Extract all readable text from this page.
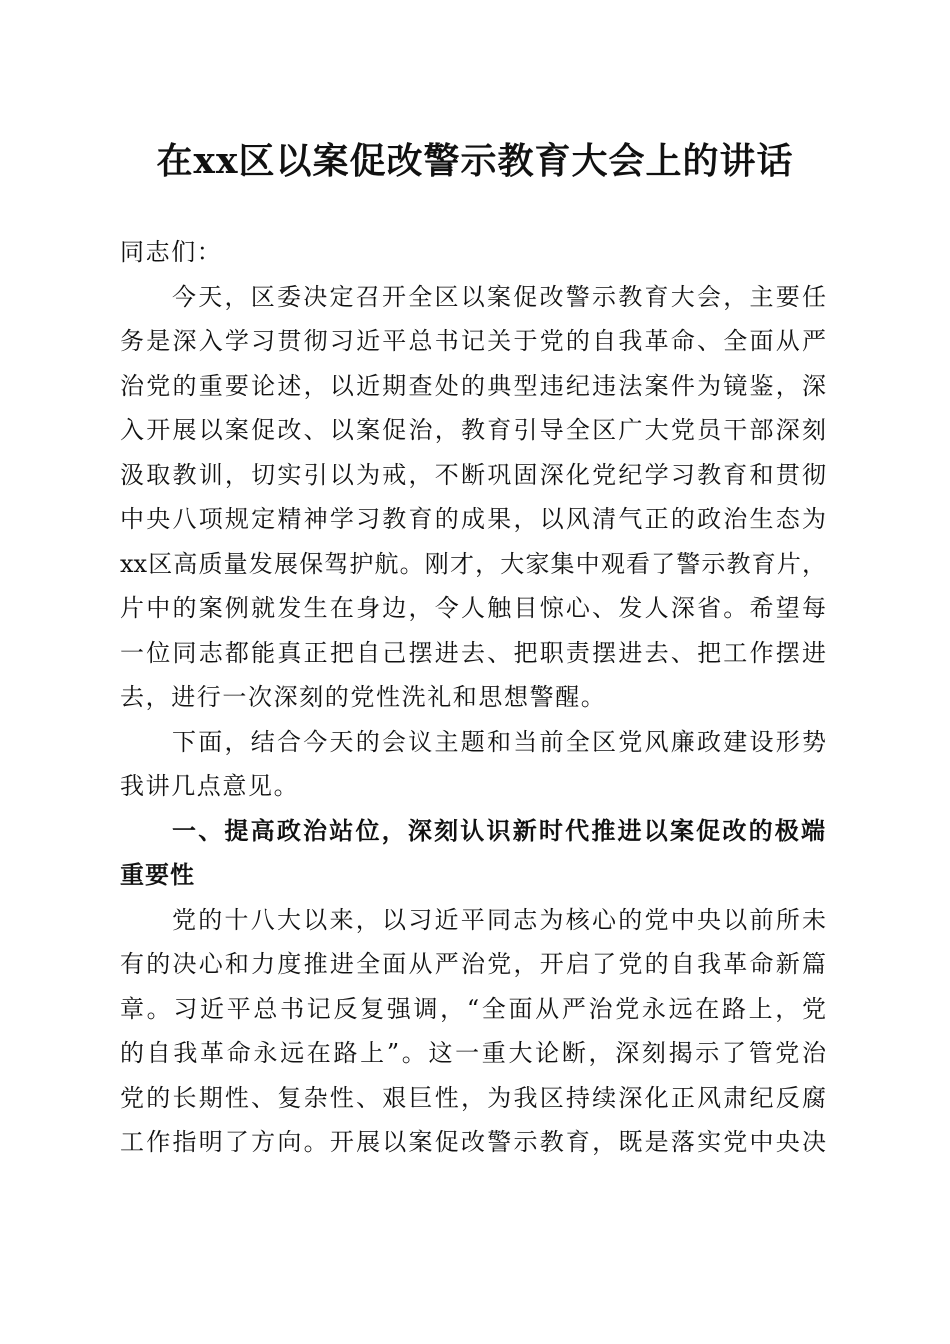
在xx区以案促改警示教育大会上的讲话
同志们：
今天，区委决定召开全区以案促改警示教育大会，主要任
务是深入学习贯彻习近平总书记关于党的自我革命、全面从严
治党的重要论述，以近期查处的典型违纪违法案件为镜鉴，深
入开展以案促改、以案促治，教育引导全区广大党员干部深刻
汲取教训，切实引以为戒，不断巩固深化党纪学习教育和贯彻
中央八项规定精神学习教育的成果，以风清气正的政治生态为
xx区高质量发展保驾护航。刚才，大家集中观看了警示教育片，
片中的案例就发生在身边，令人触目惊心、发人深省。希望每
一位同志都能真正把自己摆进去、把职责摆进去、把工作摆进
去，进行一次深刻的党性洗礼和思想警醒。
下面，结合今天的会议主题和当前全区党风廉政建设形势
我讲几点意见。
一、提高政治站位，深刻认识新时代推进以案促改的极端
重要性
党的十八大以来，以习近平同志为核心的党中央以前所未
有的决心和力度推进全面从严治党，开启了党的自我革命新篇
章。习近平总书记反复强调，“全面从严治党永远在路上，党
的自我革命永远在路上”。这一重大论断，深刻揭示了管党治
党的长期性、复杂性、艰巨性，为我区持续深化正风肃纪反腐
工作指明了方向。开展以案促改警示教育，既是落实党中央决
